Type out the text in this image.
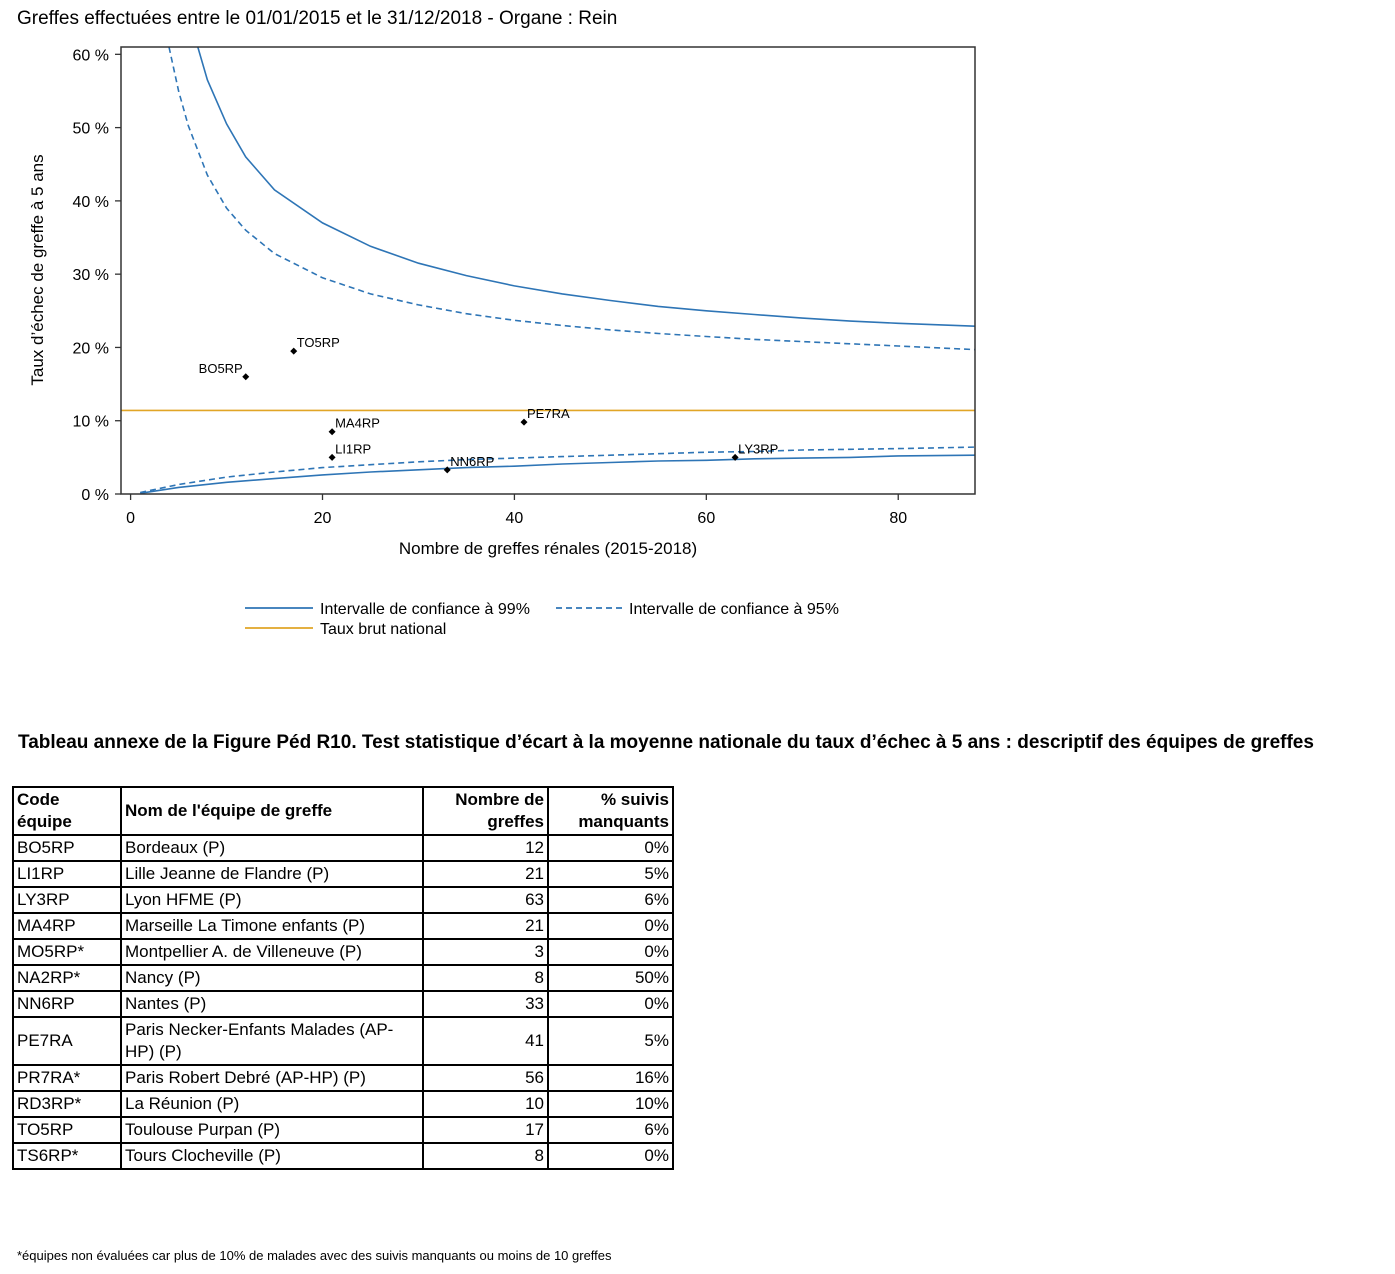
Greffes effectuées entre le 01/01/2015 et le 31/12/2018 - Organe : Rein
0 %
10 %
20 %
30 %
40 %
50 %
60 %
0	20	40	60	80
BO5RP
TO5RP
MA4RP
LI1RP
PE7RA
NN6RP
LY3RP
Nombre de greffes rénales (2015-2018)
Taux d’échec de greffe à 5 ans
Intervalle de confiance à 99%	Intervalle de confiance à 95%
Taux brut national
Tableau annexe de la Figure Péd R10. Test statistique d’écart à la moyenne nationale du taux d’échec à 5 ans : descriptif des équipes de greffes
Code équipe	Nom de l'équipe de greffe	Nombre de greffes	% suivis manquants
BO5RP	Bordeaux (P)	12	0%
LI1RP	Lille Jeanne de Flandre (P)	21	5%
LY3RP	Lyon HFME (P)	63	6%
MA4RP	Marseille La Timone enfants (P)	21	0%
MO5RP*	Montpellier A. de Villeneuve (P)	3	0%
NA2RP*	Nancy (P)	8	50%
NN6RP	Nantes (P)	33	0%
PE7RA	Paris Necker-Enfants Malades (AP-HP) (P)	41	5%
PR7RA*	Paris Robert Debré (AP-HP) (P)	56	16%
RD3RP*	La Réunion (P)	10	10%
TO5RP	Toulouse Purpan (P)	17	6%
TS6RP*	Tours Clocheville (P)	8	0%
*équipes non évaluées car plus de 10% de malades avec des suivis manquants ou moins de 10 greffes
